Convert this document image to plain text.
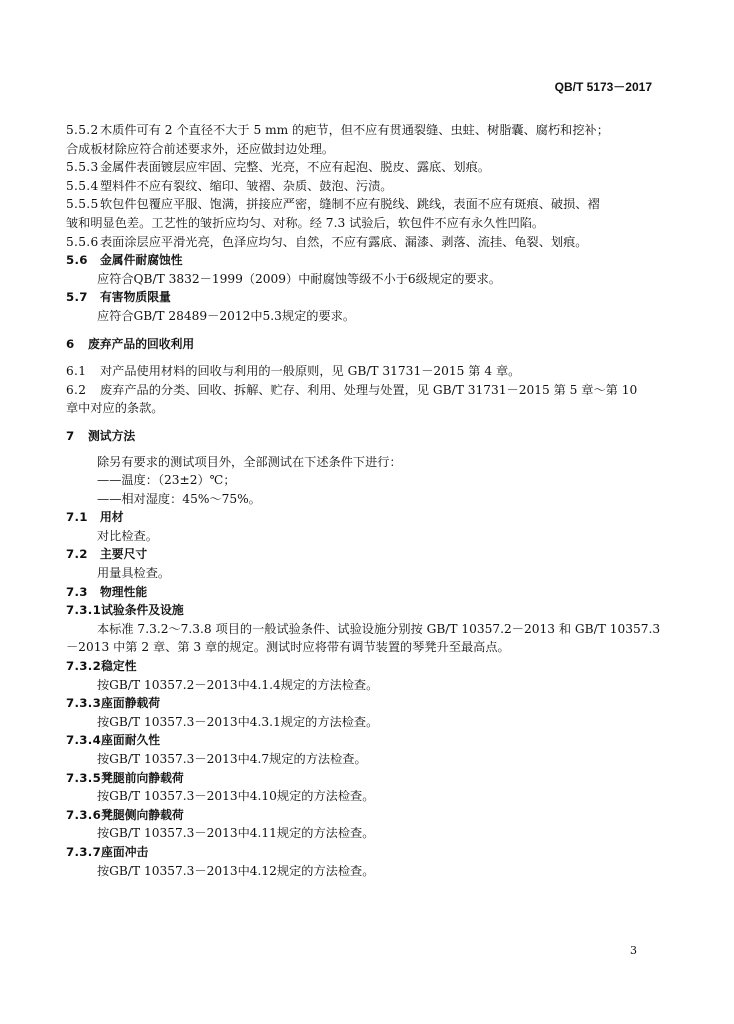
QB/T 5173－2017
5.5.2木质件可有 2 个直径不大于 5 mm 的疤节，但不应有贯通裂缝、虫蛀、树脂囊、腐朽和挖补；
合成板材除应符合前述要求外，还应做封边处理。
5.5.3金属件表面镀层应牢固、完整、光亮，不应有起泡、脱皮、露底、划痕。
5.5.4塑料件不应有裂纹、缩印、皱褶、杂质、鼓泡、污渍。
5.5.5软包件包覆应平服、饱满，拼接应严密，缝制不应有脱线、跳线，表面不应有斑痕、破损、褶
皱和明显色差。工艺性的皱折应均匀、对称。经 7.3 试验后，软包件不应有永久性凹陷。
5.5.6表面涂层应平滑光亮，色泽应均匀、自然，不应有露底、漏漆、剥落、流挂、龟裂、划痕。
5.6 金属件耐腐蚀性
应符合QB/T 3832－1999（2009）中耐腐蚀等级不小于6级规定的要求。
5.7 有害物质限量
应符合GB/T 28489－2012中5.3规定的要求。
6 废弃产品的回收利用
6.1 对产品使用材料的回收与利用的一般原则，见 GB/T 31731－2015 第 4 章。
6.2 废弃产品的分类、回收、拆解、贮存、利用、处理与处置，见 GB/T 31731－2015 第 5 章～第 10
章中对应的条款。
7 测试方法
除另有要求的测试项目外，全部测试在下述条件下进行：
——温度：（23±2）℃；
——相对湿度：45%～75%。
7.1 用材
对比检查。
7.2 主要尺寸
用量具检查。
7.3 物理性能
7.3.1试验条件及设施
本标准 7.3.2～7.3.8 项目的一般试验条件、试验设施分别按 GB/T 10357.2－2013 和 GB/T 10357.3
－2013 中第 2 章、第 3 章的规定。测试时应将带有调节装置的琴凳升至最高点。
7.3.2稳定性
按GB/T 10357.2－2013中4.1.4规定的方法检查。
7.3.3座面静载荷
按GB/T 10357.3－2013中4.3.1规定的方法检查。
7.3.4座面耐久性
按GB/T 10357.3－2013中4.7规定的方法检查。
7.3.5凳腿前向静载荷
按GB/T 10357.3－2013中4.10规定的方法检查。
7.3.6凳腿侧向静载荷
按GB/T 10357.3－2013中4.11规定的方法检查。
7.3.7座面冲击
按GB/T 10357.3－2013中4.12规定的方法检查。
3
